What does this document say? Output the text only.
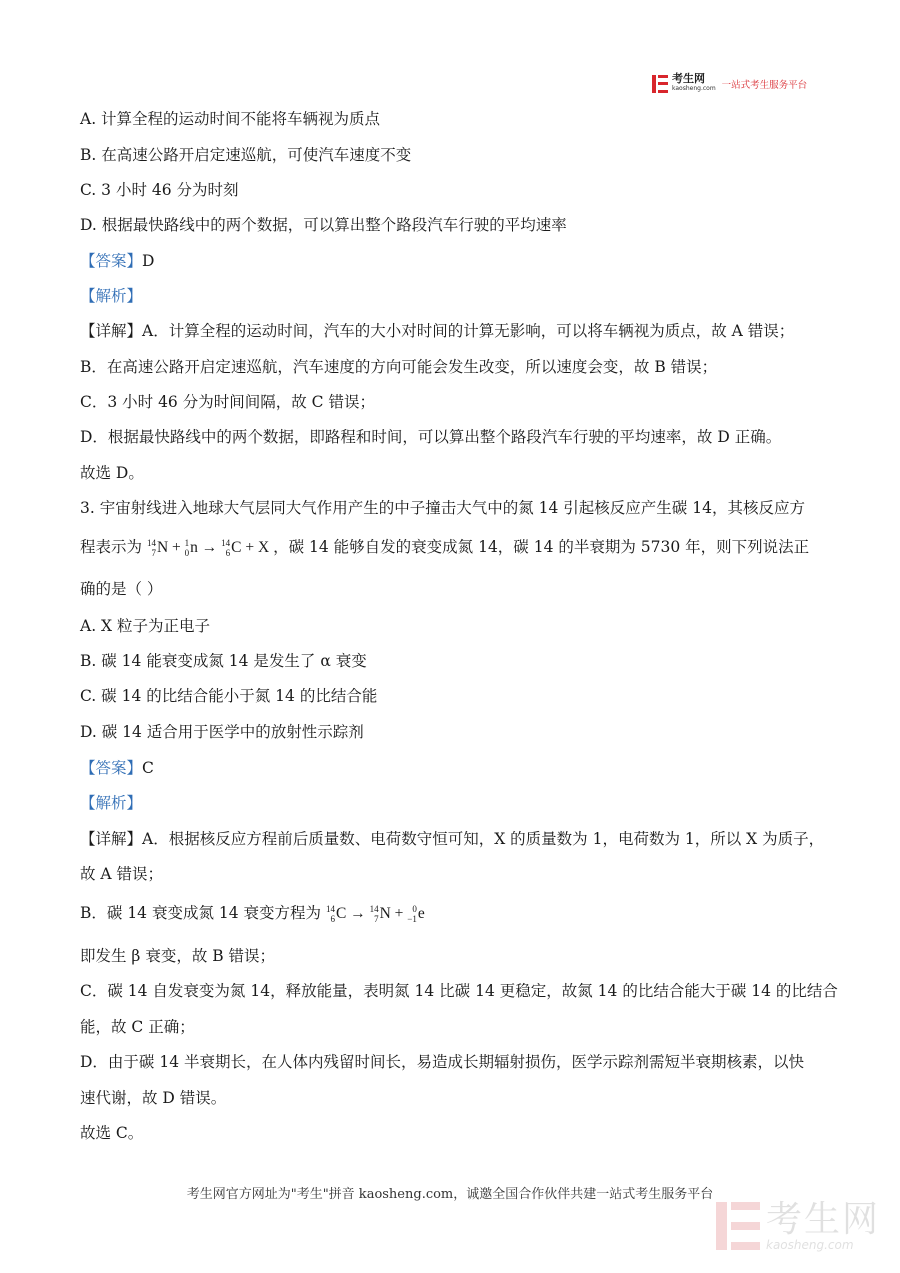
考生网
kaosheng.com 一站式考生服务平台
A. 计算全程的运动时间不能将车辆视为质点
B. 在高速公路开启定速巡航，可使汽车速度不变
C. 3 小时 46 分为时刻
D. 根据最快路线中的两个数据，可以算出整个路段汽车行驶的平均速率
【答案】D
【解析】
【详解】A．计算全程的运动时间，汽车的大小对时间的计算无影响，可以将车辆视为质点，故 A 错误；
B．在高速公路开启定速巡航，汽车速度的方向可能会发生改变，所以速度会变，故 B 错误；
C．3 小时 46 分为时间间隔，故 C 错误；
D．根据最快路线中的两个数据，即路程和时间，可以算出整个路段汽车行驶的平均速率，故 D 正确。
故选 D。
3. 宇宙射线进入地球大气层同大气作用产生的中子撞击大气中的氮 14 引起核反应产生碳 14，其核反应方
程表示为 14
7 N + 1
0 n → 14
6 C + X ，碳 14 能够自发的衰变成氮 14，碳 14 的半衰期为 5730 年，则下列说法正
确的是（ ）
A. X 粒子为正电子
B. 碳 14 能衰变成氮 14 是发生了 α 衰变
C. 碳 14 的比结合能小于氮 14 的比结合能
D. 碳 14 适合用于医学中的放射性示踪剂
【答案】C
【解析】
【详解】A．根据核反应方程前后质量数、电荷数守恒可知，X 的质量数为 1，电荷数为 1，所以 X 为质子，
故 A 错误；
B．碳 14 衰变成氮 14 衰变方程为 14
6 C → 14
7 N + 0
−1 e
即发生 β 衰变，故 B 错误；
C．碳 14 自发衰变为氮 14，释放能量，表明氮 14 比碳 14 更稳定，故氮 14 的比结合能大于碳 14 的比结合
能，故 C 正确；
D．由于碳 14 半衰期长，在人体内残留时间长，易造成长期辐射损伤，医学示踪剂需短半衰期核素，以快
速代谢，故 D 错误。
故选 C。
考生网官方网址为"考生"拼音 kaosheng.com，诚邀全国合作伙伴共建一站式考生服务平台
考生网
kaosheng.com
